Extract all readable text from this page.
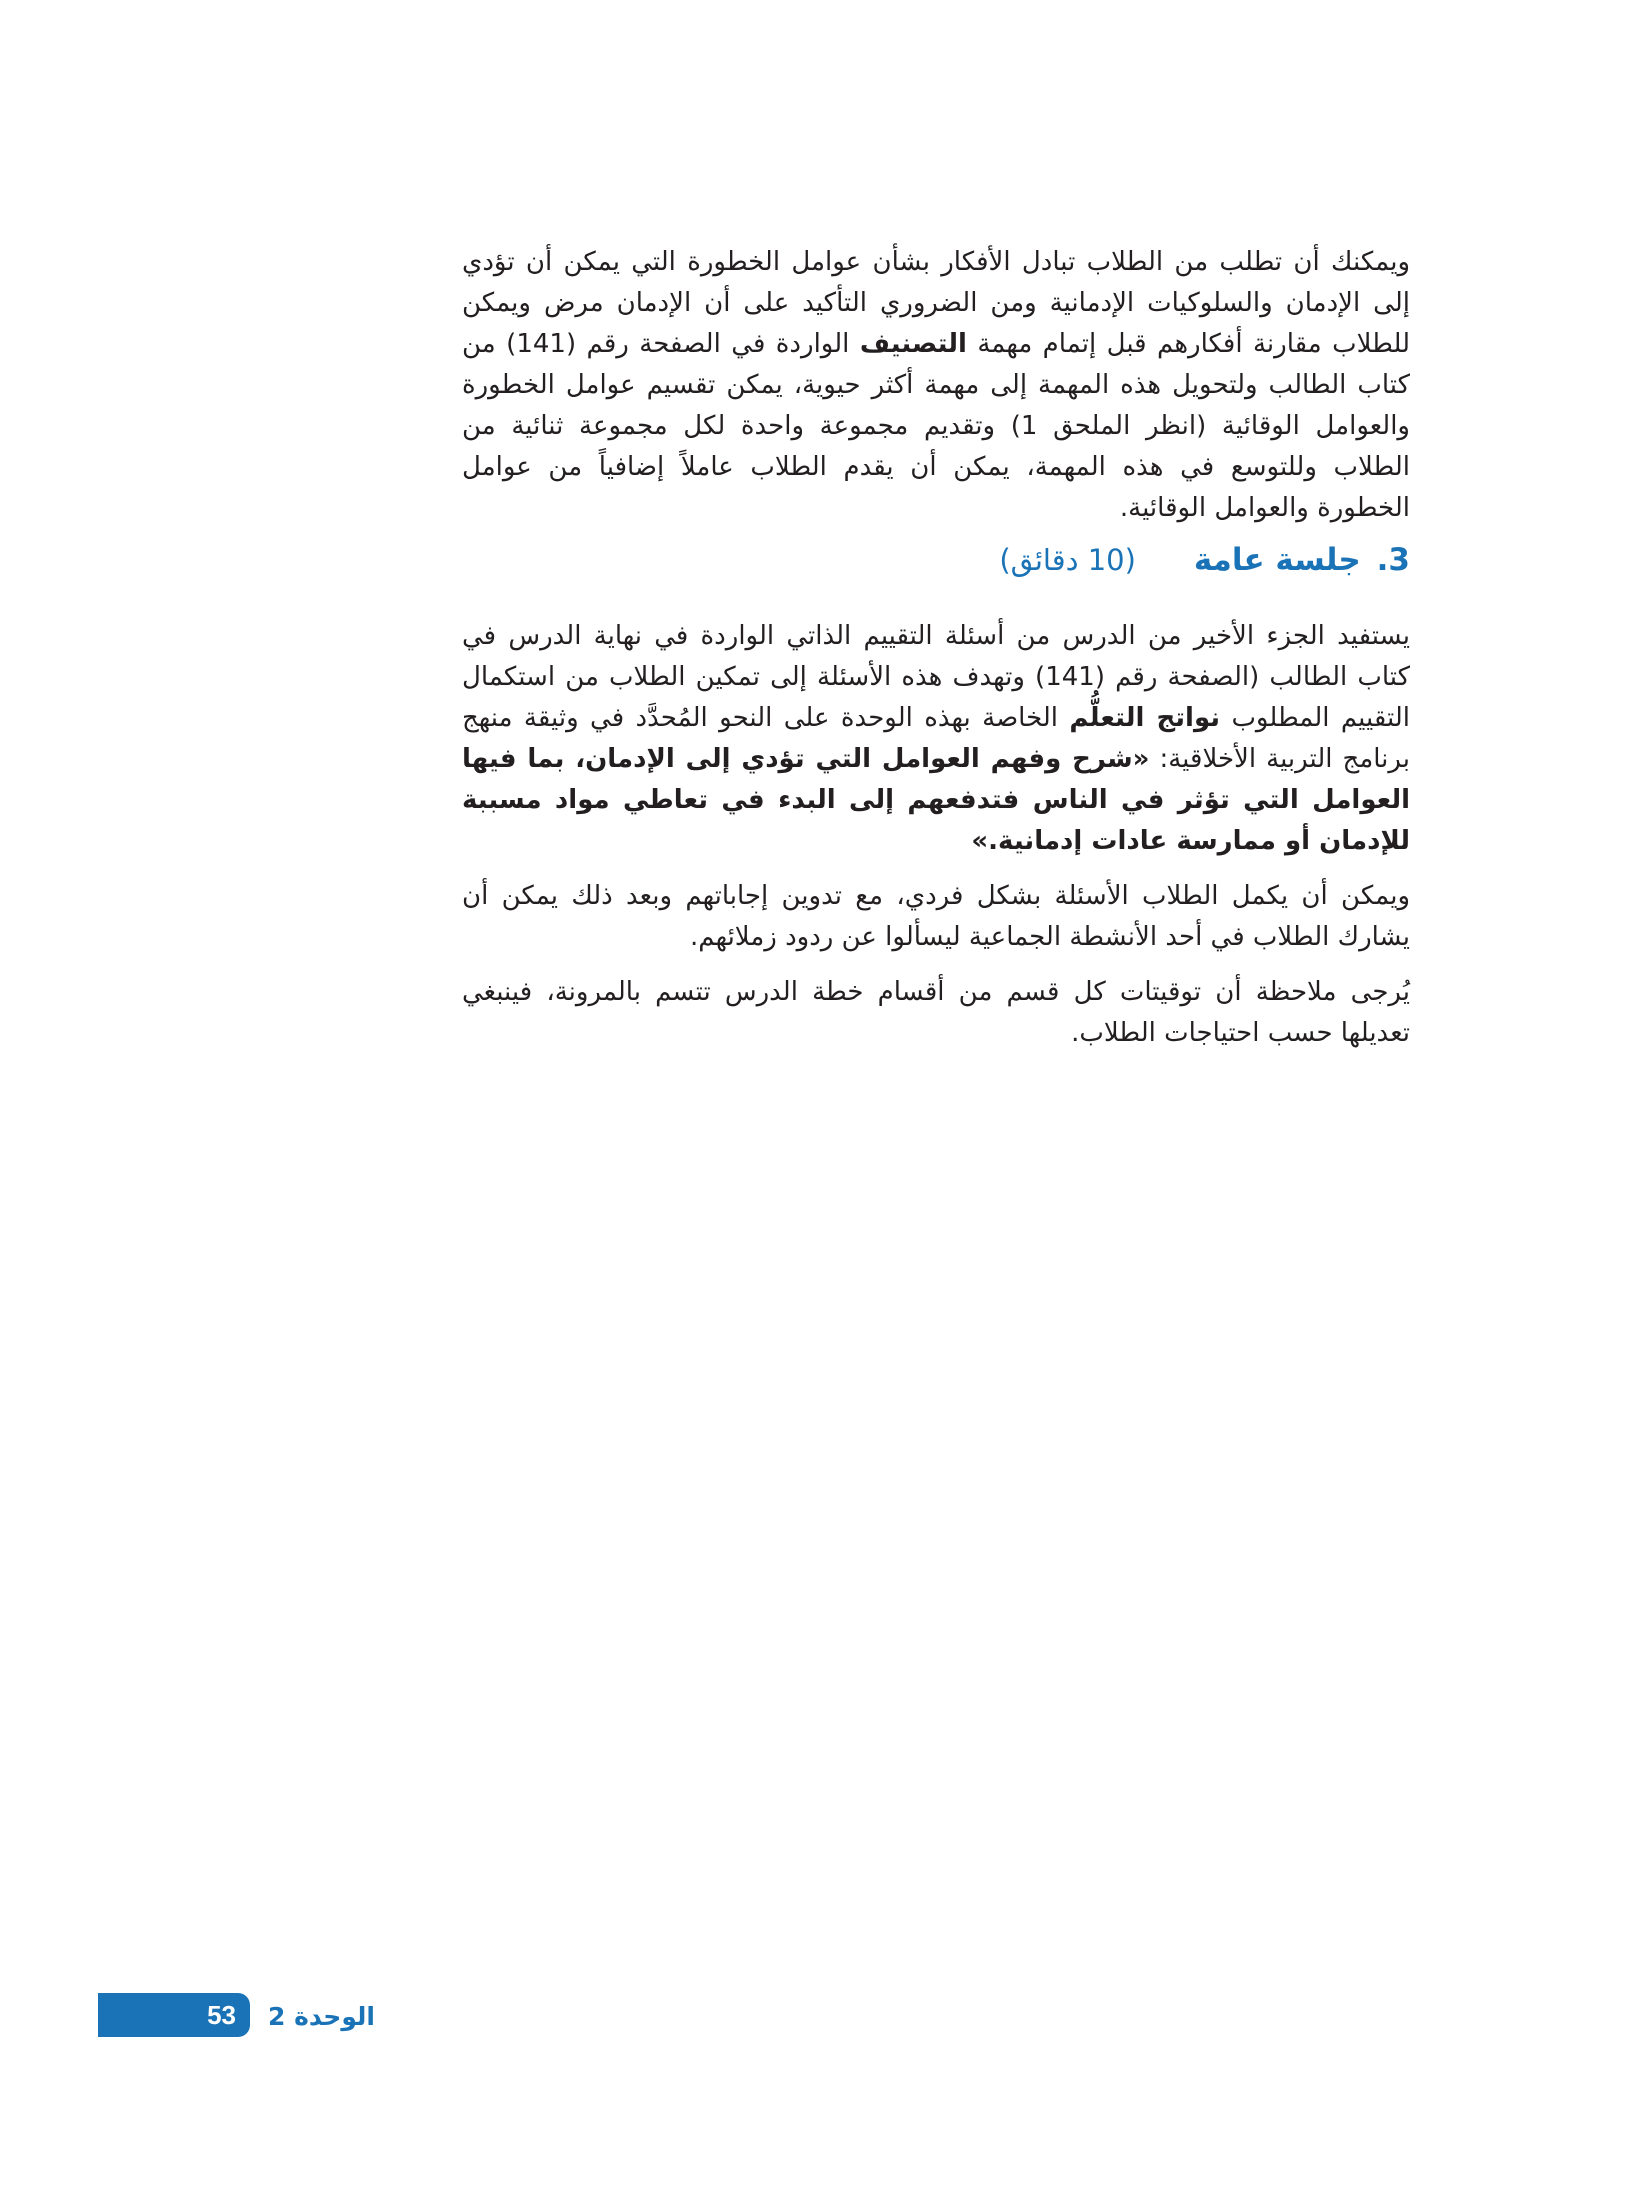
ويمكنك أن تطلب من الطلاب تبادل الأفكار بشأن عوامل الخطورة التي يمكن أن تؤدي إلى الإدمان والسلوكيات الإدمانية ومن الضروري التأكيد على أن الإدمان مرض ويمكن للطلاب مقارنة أفكارهم قبل إتمام مهمة التصنيف الواردة في الصفحة رقم (141) من كتاب الطالب ولتحويل هذه المهمة إلى مهمة أكثر حيوية، يمكن تقسيم عوامل الخطورة والعوامل الوقائية (انظر الملحق 1) وتقديم مجموعة واحدة لكل مجموعة ثنائية من الطلاب وللتوسع في هذه المهمة، يمكن أن يقدم الطلاب عاملاً إضافياً من عوامل الخطورة والعوامل الوقائية.

3. جلسة عامة (10 دقائق)

يستفيد الجزء الأخير من الدرس من أسئلة التقييم الذاتي الواردة في نهاية الدرس في كتاب الطالب (الصفحة رقم (141) وتهدف هذه الأسئلة إلى تمكين الطلاب من استكمال التقييم المطلوب نواتج التعلُّم الخاصة بهذه الوحدة على النحو المُحدَّد في وثيقة منهج برنامج التربية الأخلاقية: «شرح وفهم العوامل التي تؤدي إلى الإدمان، بما فيها العوامل التي تؤثر في الناس فتدفعهم إلى البدء في تعاطي مواد مسببة للإدمان أو ممارسة عادات إدمانية.»

ويمكن أن يكمل الطلاب الأسئلة بشكل فردي، مع تدوين إجاباتهم وبعد ذلك يمكن أن يشارك الطلاب في أحد الأنشطة الجماعية ليسألوا عن ردود زملائهم.

يُرجى ملاحظة أن توقيتات كل قسم من أقسام خطة الدرس تتسم بالمرونة، فينبغي تعديلها حسب احتياجات الطلاب.

53 الوحدة 2
